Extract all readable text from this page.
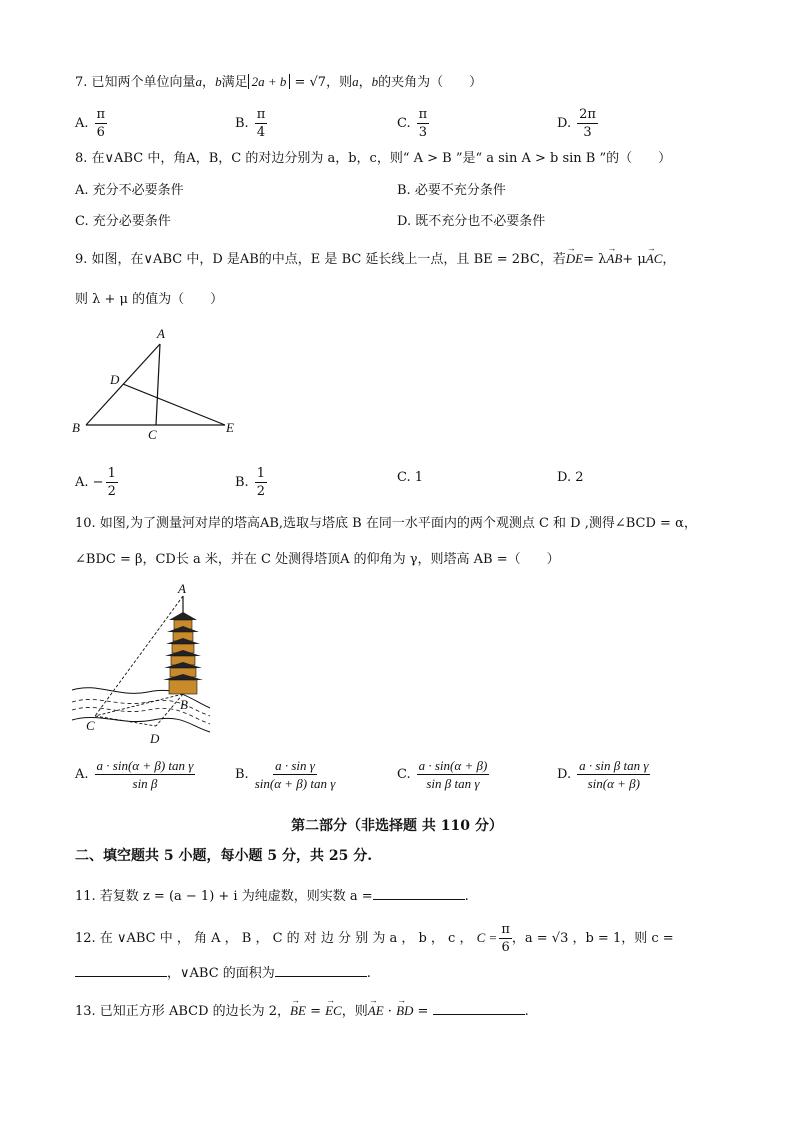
7. 已知两个单位向量a，b满足 2a + b = √7，则a，b的夹角为（　　）
A. $\frac{\pi}{6}$	B. $\frac{\pi}{4}$	C. $\frac{\pi}{3}$	D. $\frac{2\pi}{3}$
8. 在∨ABC 中，角A，B，C 的对边分别为 a，b，c，则“ A > B ”是“ a sin A > b sin B ”的（　　）
A. 充分不必要条件	B. 必要不充分条件
C. 充分必要条件	D. 既不充分也不必要条件
9. 如图，在∨ABC 中，D 是AB的中点，E 是 BC 延长线上一点，且 BE = 2BC，若→ DE= λ→ AB+ μ→ AC，
则 λ + μ 的值为（　　）
A
D
B	C	E
A. − $\frac{1}{2}$	B. $\frac{1}{2}$	C. 1	D. 2
10. 如图,为了测量河对岸的塔高AB,选取与塔底 B 在同一水平面内的两个观测点 C 和 D ,测得∠BCD = α，
∠BDC = β，CD长 a 米，并在 C 处测得塔顶A 的仰角为 γ，则塔高 AB =（　　）
A
B
C
D
A. $\frac{\text{a · sin(α + β) tan γ}}{\text{sin β}}$	B. $\frac{\text{a · sin γ}}{\text{sin(α + β) tan γ}}$	C. $\frac{a \cdot \sin(\alpha + \beta)}{\text{sin β tan γ}}$	D. $\frac{\text{a · sin β tan γ}}{\sin(\alpha + \beta)}$
第二部分（非选择题 共 110 分）
二、填空题共 5 小题，每小题 5 分，共 25 分.
11. 若复数 z = (a − 1) + i 为纯虚数，则实数 a =	.
12. 在 ∨ABC 中 ， 角 A ， B ， C 的 对 边 分 别 为 a ， b ， c ， $C = \frac{\pi}{6}$ ，a = √3 ，b = 1，则 c =
，∨ABC 的面积为	.
13. 已知正方形 ABCD 的边长为 2，→ BE = → EC，则→ AE · → BD =	.
